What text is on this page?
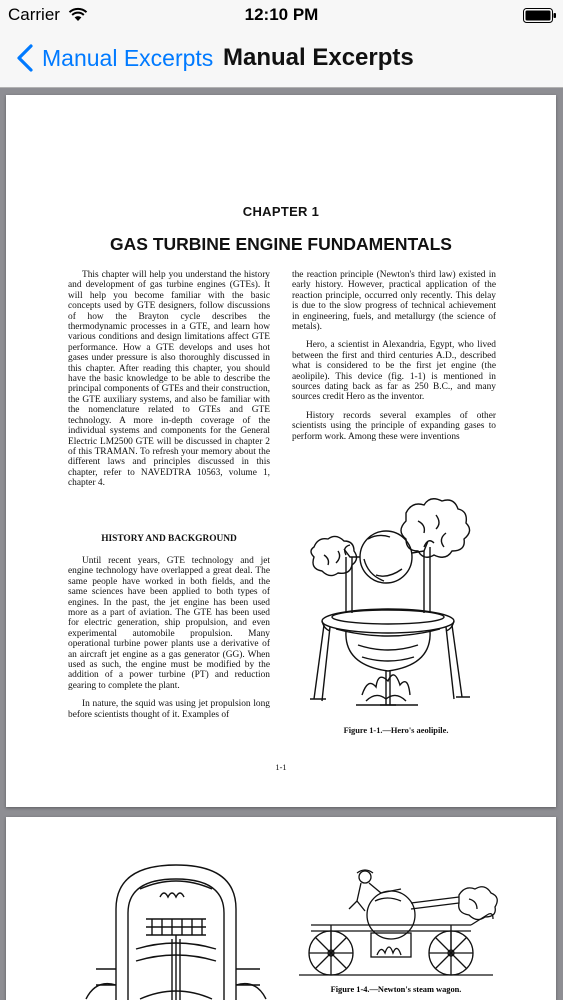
Carrier	12:10 PM
Manual Excerpts Manual Excerpts
CHAPTER 1
GAS TURBINE ENGINE FUNDAMENTALS

This chapter will help you understand the history and development of gas turbine engines (GTEs). It will help you become familiar with the basic concepts used by GTE designers, follow discussions of how the Brayton cycle describes the thermodynamic processes in a GTE, and learn how various conditions and design limitations affect GTE performance. How a GTE develops and uses hot gases under pressure is also thoroughly discussed in this chapter. After reading this chapter, you should have the basic knowledge to be able to describe the principal components of GTEs and their construction, the GTE auxiliary systems, and also be familiar with the nomenclature related to GTEs and GTE technology. A more in-depth coverage of the individual systems and components for the General Electric LM2500 GTE will be discussed in chapter 2 of this TRAMAN. To refresh your memory about the different laws and principles discussed in this chapter, refer to NAVEDTRA 10563, volume 1, chapter 4.

HISTORY AND BACKGROUND

Until recent years, GTE technology and jet engine technology have overlapped a great deal. The same people have worked in both fields, and the same sciences have been applied to both types of engines. In the past, the jet engine has been used more as a part of aviation. The GTE has been used for electric generation, ship propulsion, and even experimental automobile propulsion. Many operational turbine power plants use a derivative of an aircraft jet engine as a gas generator (GG). When used as such, the engine must be modified by the addition of a power turbine (PT) and reduction gearing to complete the plant.

In nature, the squid was using jet propulsion long before scientists thought of it. Examples of

the reaction principle (Newton's third law) existed in early history. However, practical application of the reaction principle, occurred only recently. This delay is due to the slow progress of technical achievement in engineering, fuels, and metallurgy (the science of metals).

Hero, a scientist in Alexandria, Egypt, who lived between the first and third centuries A.D., described what is considered to be the first jet engine (the aeolipile). This device (fig. 1-1) is mentioned in sources dating back as far as 250 B.C., and many sources credit Hero as the inventor.

History records several examples of other scientists using the principle of expanding gases to perform work. Among these were inventions

Figure 1-1.—Hero's aeolipile.
1-1
Figure 1-4.—Newton's steam wagon.
